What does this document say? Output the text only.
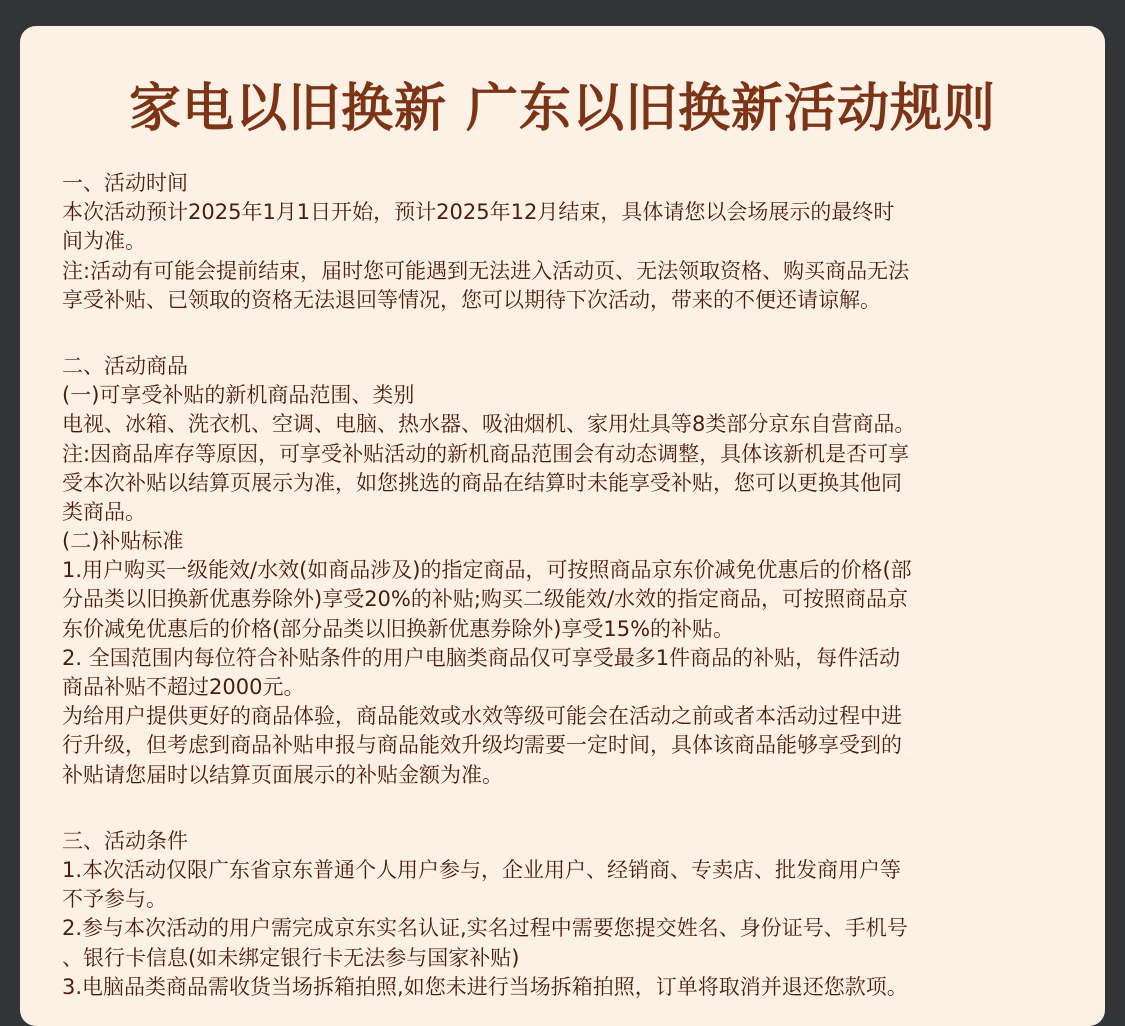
家电以旧换新 广东以旧换新活动规则
一、活动时间
本次活动预计2025年1月1日开始，预计2025年12月结束，具体请您以会场展示的最终时
间为准。
注:活动有可能会提前结束，届时您可能遇到无法进入活动页、无法领取资格、购买商品无法
享受补贴、已领取的资格无法退回等情况，您可以期待下次活动，带来的不便还请谅解。
二、活动商品
(一)可享受补贴的新机商品范围、类别
电视、冰箱、洗衣机、空调、电脑、热水器、吸油烟机、家用灶具等8类部分京东自营商品。
注:因商品库存等原因，可享受补贴活动的新机商品范围会有动态调整，具体该新机是否可享
受本次补贴以结算页展示为准，如您挑选的商品在结算时未能享受补贴，您可以更换其他同
类商品。
(二)补贴标准
1.用户购买一级能效/水效(如商品涉及)的指定商品，可按照商品京东价减免优惠后的价格(部
分品类以旧换新优惠券除外)享受20%的补贴;购买二级能效/水效的指定商品，可按照商品京
东价减免优惠后的价格(部分品类以旧换新优惠券除外)享受15%的补贴。
2. 全国范围内每位符合补贴条件的用户电脑类商品仅可享受最多1件商品的补贴，每件活动
商品补贴不超过2000元。
为给用户提供更好的商品体验，商品能效或水效等级可能会在活动之前或者本活动过程中进
行升级，但考虑到商品补贴申报与商品能效升级均需要一定时间，具体该商品能够享受到的
补贴请您届时以结算页面展示的补贴金额为准。
三、活动条件
1.本次活动仅限广东省京东普通个人用户参与，企业用户、经销商、专卖店、批发商用户等
不予参与。
2.参与本次活动的用户需完成京东实名认证,实名过程中需要您提交姓名、身份证号、手机号
、银行卡信息(如未绑定银行卡无法参与国家补贴)
3.电脑品类商品需收货当场拆箱拍照,如您未进行当场拆箱拍照，订单将取消并退还您款项。
